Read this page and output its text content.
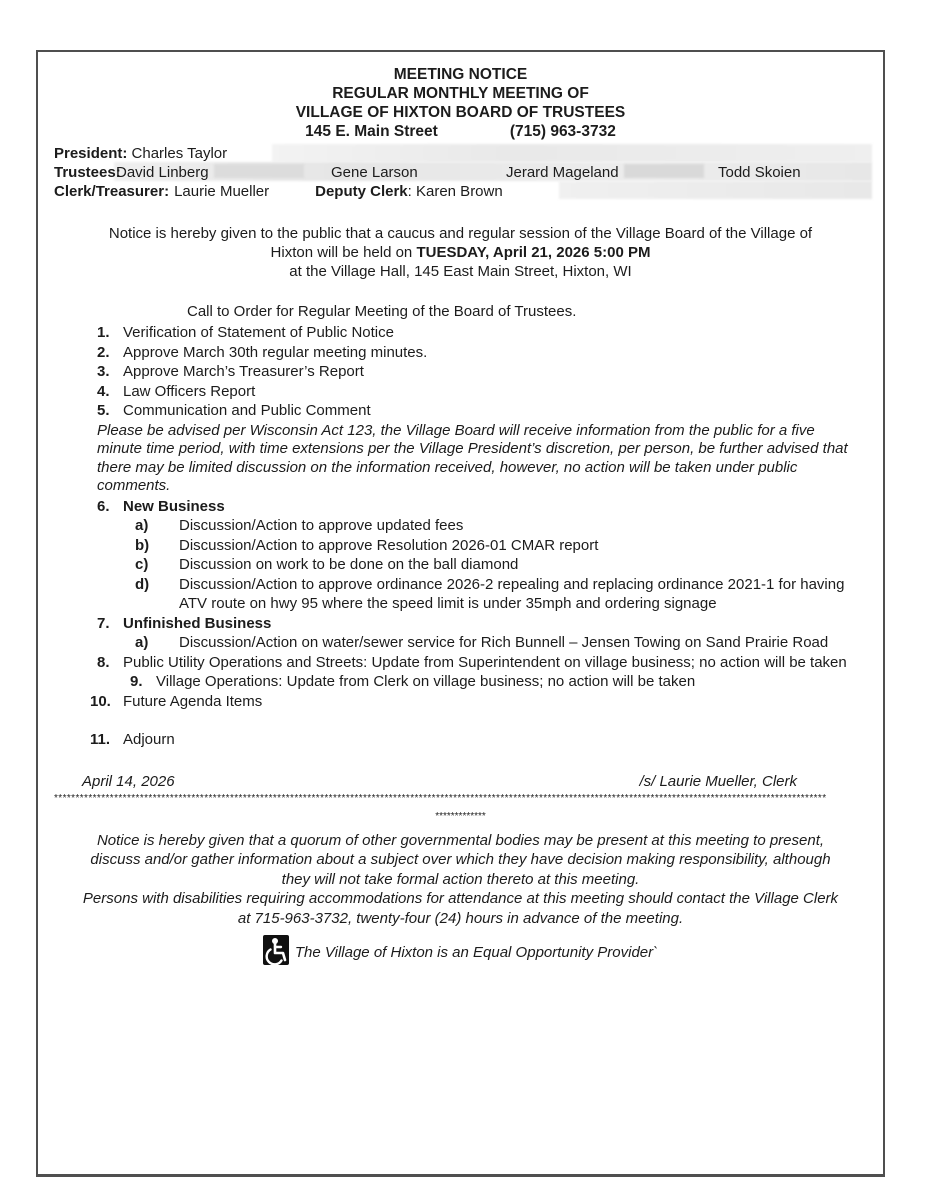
MEETING NOTICE
REGULAR MONTHLY MEETING OF
VILLAGE OF HIXTON BOARD OF TRUSTEES
145 E. Main Street	(715) 963-3732
President: Charles Taylor
Trustees:
David Linberg	Gene Larson	Jerard Mageland	Todd Skoien
Clerk/Treasurer: Laurie Mueller	Deputy Clerk: Karen Brown

Notice is hereby given to the public that a caucus and regular session of the Village Board of the Village of
Hixton will be held on TUESDAY, April 21, 2026 5:00 PM
at the Village Hall, 145 East Main Street, Hixton, WI

Call to Order for Regular Meeting of the Board of Trustees.
1. Verification of Statement of Public Notice
2. Approve March 30th regular meeting minutes.
3. Approve March’s Treasurer’s Report
4. Law Officers Report
5. Communication and Public Comment
Please be advised per Wisconsin Act 123, the Village Board will receive information from the public for a five minute time period, with time extensions per the Village President’s discretion, per person, be further advised that there may be limited discussion on the information received, however, no action will be taken under public comments.
6. New Business
a)	Discussion/Action to approve updated fees
b)	Discussion/Action to approve Resolution 2026-01 CMAR report
c)	Discussion on work to be done on the ball diamond
d)	Discussion/Action to approve ordinance 2026-2 repealing and replacing ordinance 2021-1 for having ATV route on hwy 95 where the speed limit is under 35mph and ordering signage
7. Unfinished Business
a)	Discussion/Action on water/sewer service for Rich Bunnell – Jensen Towing on Sand Prairie Road
8. Public Utility Operations and Streets: Update from Superintendent on village business; no action will be taken
9. Village Operations: Update from Clerk on village business; no action will be taken
10. Future Agenda Items
11. Adjourn
April 14, 2026	/s/ Laurie Mueller, Clerk
************************************************************************************************************************************************************************************
*************

Notice is hereby given that a quorum of other governmental bodies may be present at this meeting to present, discuss and/or gather information about a subject over which they have decision making responsibility, although they will not take formal action thereto at this meeting.

Persons with disabilities requiring accommodations for attendance at this meeting should contact the Village Clerk at 715-963-3732, twenty-four (24) hours in advance of the meeting.

The Village of Hixton is an Equal Opportunity Provider`
